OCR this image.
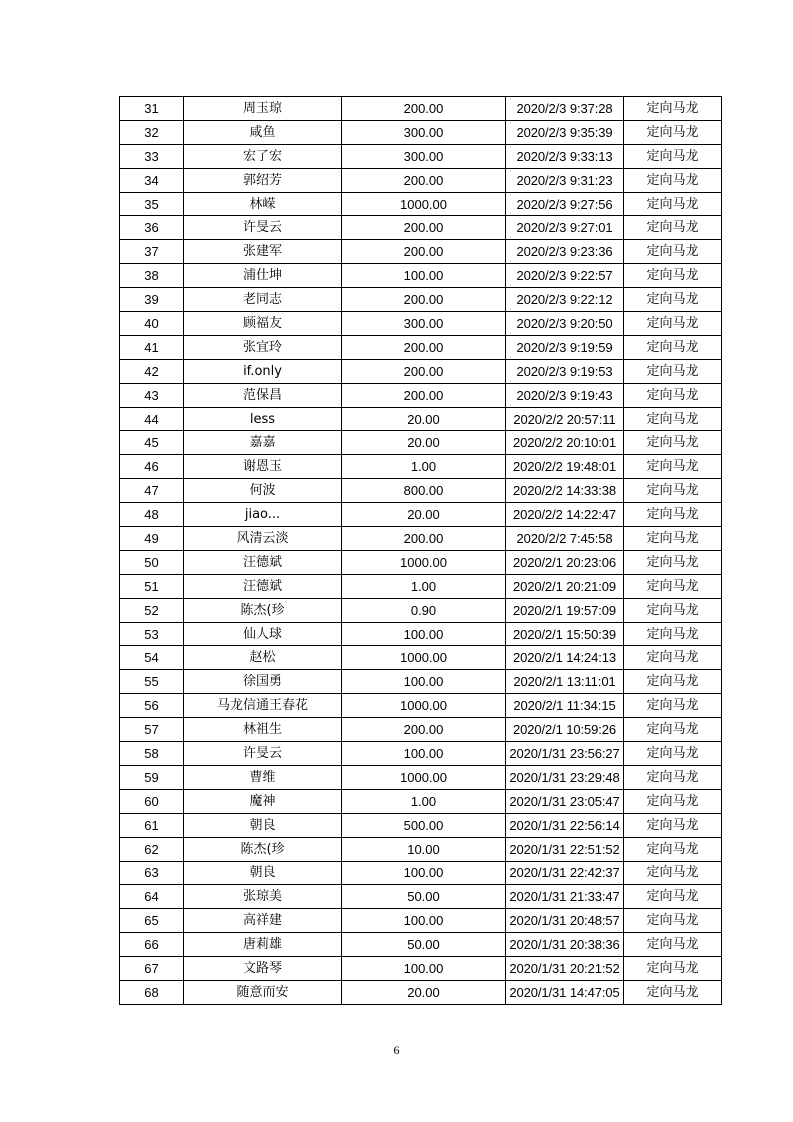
31	周玉琼	200.00	2020/2/3 9:37:28	定向马龙
32	咸鱼	300.00	2020/2/3 9:35:39	定向马龙
33	宏了宏	300.00	2020/2/3 9:33:13	定向马龙
34	郭绍芳	200.00	2020/2/3 9:31:23	定向马龙
35	林嵘	1000.00	2020/2/3 9:27:56	定向马龙
36	许旻云	200.00	2020/2/3 9:27:01	定向马龙
37	张建军	200.00	2020/2/3 9:23:36	定向马龙
38	浦仕坤	100.00	2020/2/3 9:22:57	定向马龙
39	老同志	200.00	2020/2/3 9:22:12	定向马龙
40	顾福友	300.00	2020/2/3 9:20:50	定向马龙
41	张宜玲	200.00	2020/2/3 9:19:59	定向马龙
42	if.only	200.00	2020/2/3 9:19:53	定向马龙
43	范保昌	200.00	2020/2/3 9:19:43	定向马龙
44	less	20.00	2020/2/2 20:57:11	定向马龙
45	嘉嘉	20.00	2020/2/2 20:10:01	定向马龙
46	谢恩玉	1.00	2020/2/2 19:48:01	定向马龙
47	何波	800.00	2020/2/2 14:33:38	定向马龙
48	jiao...	20.00	2020/2/2 14:22:47	定向马龙
49	风清云淡	200.00	2020/2/2 7:45:58	定向马龙
50	汪德斌	1000.00	2020/2/1 20:23:06	定向马龙
51	汪德斌	1.00	2020/2/1 20:21:09	定向马龙
52	陈杰(珍	0.90	2020/2/1 19:57:09	定向马龙
53	仙人球	100.00	2020/2/1 15:50:39	定向马龙
54	赵松	1000.00	2020/2/1 14:24:13	定向马龙
55	徐国勇	100.00	2020/2/1 13:11:01	定向马龙
56	马龙信通王春花	1000.00	2020/2/1 11:34:15	定向马龙
57	林祖生	200.00	2020/2/1 10:59:26	定向马龙
58	许旻云	100.00	2020/1/31 23:56:27	定向马龙
59	曹维	1000.00	2020/1/31 23:29:48	定向马龙
60	魔神	1.00	2020/1/31 23:05:47	定向马龙
61	朝良	500.00	2020/1/31 22:56:14	定向马龙
62	陈杰(珍	10.00	2020/1/31 22:51:52	定向马龙
63	朝良	100.00	2020/1/31 22:42:37	定向马龙
64	张琼美	50.00	2020/1/31 21:33:47	定向马龙
65	高祥建	100.00	2020/1/31 20:48:57	定向马龙
66	唐莉雄	50.00	2020/1/31 20:38:36	定向马龙
67	文路琴	100.00	2020/1/31 20:21:52	定向马龙
68	随意而安	20.00	2020/1/31 14:47:05	定向马龙
6
